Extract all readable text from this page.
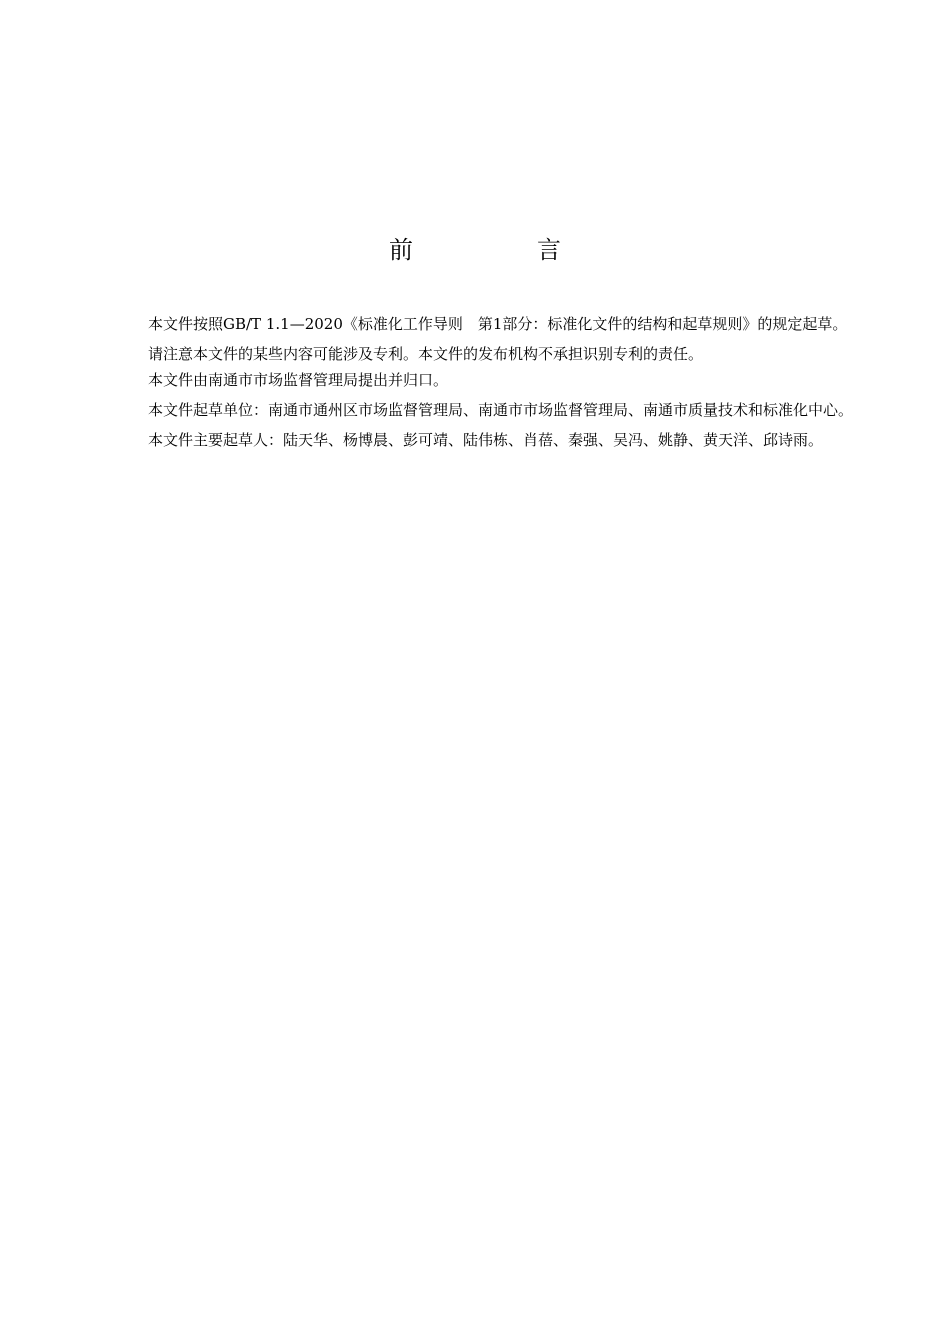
前　言

本文件按照GB/T 1.1—2020《标准化工作导则　第1部分：标准化文件的结构和起草规则》的规定起草。

请注意本文件的某些内容可能涉及专利。本文件的发布机构不承担识别专利的责任。

本文件由南通市市场监督管理局提出并归口。

本文件起草单位：南通市通州区市场监督管理局、南通市市场监督管理局、南通市质量技术和标准化中心。

本文件主要起草人：陆天华、杨博晨、彭可靖、陆伟栋、肖蓓、秦强、吴冯、姚静、黄天洋、邱诗雨。
